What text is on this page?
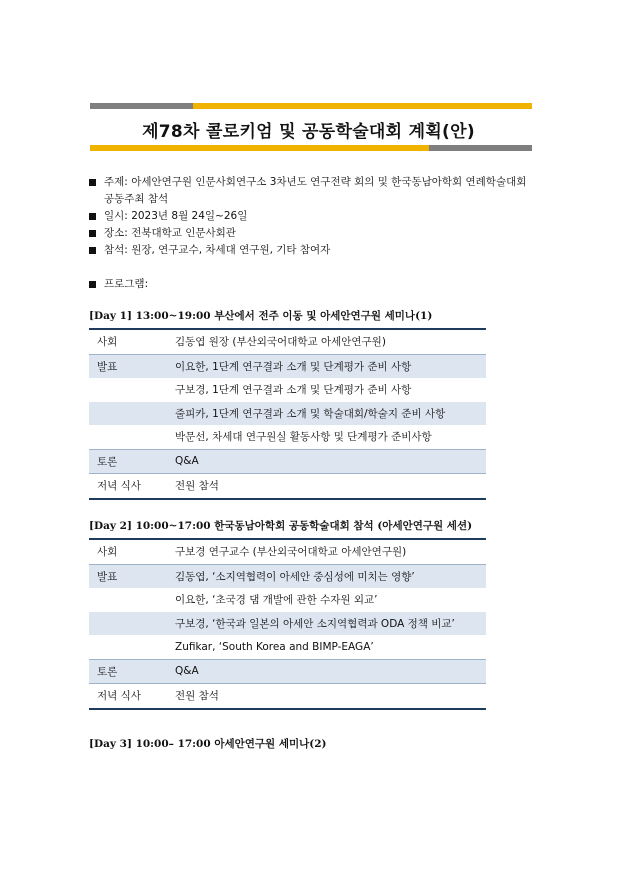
제78차 콜로키엄 및 공동학술대회 계획(안)
주제: 아세안연구원 인문사회연구소 3차년도 연구전략 회의 및 한국동남아학회 연례학술대회 공동주최 참석
일시: 2023년 8월 24일~26일
장소: 전북대학교 인문사회관
참석: 원장, 연구교수, 차세대 연구원, 기타 참여자
프로그램:
[Day 1] 13:00~19:00 부산에서 전주 이동 및 아세안연구원 세미나(1)
사회	김동엽 원장 (부산외국어대학교 아세안연구원)
발표	이요한, 1단계 연구결과 소개 및 단계평가 준비 사항
	구보경, 1단계 연구결과 소개 및 단계평가 준비 사항
	줄피카, 1단계 연구결과 소개 및 학술대회/학술지 준비 사항
	박문선, 차세대 연구원실 활동사항 및 단계평가 준비사항
토론	Q&A
저녁 식사	전원 참석
[Day 2] 10:00~17:00 한국동남아학회 공동학술대회 참석 (아세안연구원 세션)
사회	구보경 연구교수 (부산외국어대학교 아세안연구원)
발표	김동엽, ‘소지역협력이 아세안 중심성에 미치는 영향’
	이요한, ‘초국경 댐 개발에 관한 수자원 외교’
	구보경, ‘한국과 일본의 아세안 소지역협력과 ODA 정책 비교’
	Zufikar, ‘South Korea and BIMP-EAGA’
토론	Q&A
저녁 식사	전원 참석
[Day 3] 10:00– 17:00 아세안연구원 세미나(2)
